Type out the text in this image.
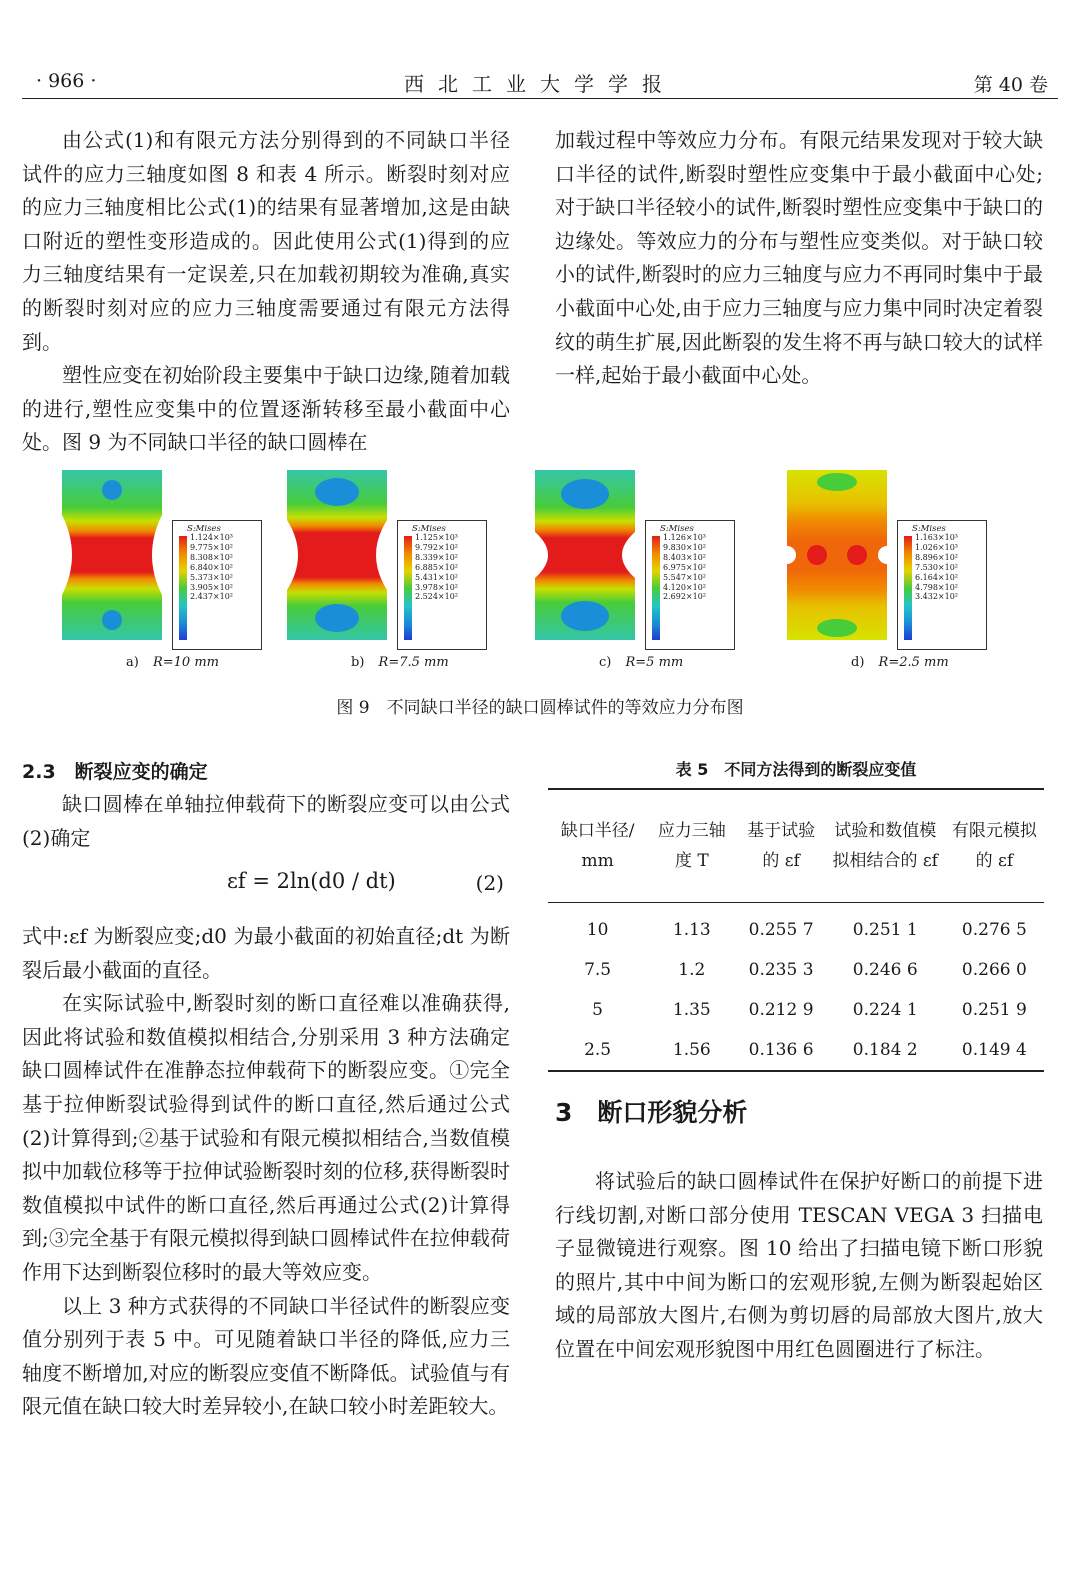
· 966 ·	西北工业大学学报	第 40 卷

由公式(1)和有限元方法分别得到的不同缺口半径试件的应力三轴度如图 8 和表 4 所示。断裂时刻对应的应力三轴度相比公式(1)的结果有显著增加,这是由缺口附近的塑性变形造成的。因此使用公式(1)得到的应力三轴度结果有一定误差,只在加载初期较为准确,真实的断裂时刻对应的应力三轴度需要通过有限元方法得到。

塑性应变在初始阶段主要集中于缺口边缘,随着加载的进行,塑性应变集中的位置逐渐转移至最小截面中心处。图 9 为不同缺口半径的缺口圆棒在

加载过程中等效应力分布。有限元结果发现对于较大缺口半径的试件,断裂时塑性应变集中于最小截面中心处;对于缺口半径较小的试件,断裂时塑性应变集中于缺口的边缘处。等效应力的分布与塑性应变类似。对于缺口较小的试件,断裂时的应力三轴度与应力不再同时集中于最小截面中心处,由于应力三轴度与应力集中同时决定着裂纹的萌生扩展,因此断裂的发生将不再与缺口较大的试样一样,起始于最小截面中心处。

S:Mises
1.124×10³
9.775×10²
8.308×10²
6.840×10²
5.373×10²
3.905×10²
2.437×10²
a) R=10 mm
S:Mises
1.125×10³
9.792×10²
8.339×10²
6.885×10²
5.431×10²
3.978×10²
2.524×10²
b) R=7.5 mm
S:Mises
1.126×10³
9.830×10²
8.403×10²
6.975×10²
5.547×10²
4.120×10²
2.692×10²
c) R=5 mm
S:Mises
1.163×10³
1.026×10³
8.896×10²
7.530×10²
6.164×10²
4.798×10²
3.432×10²
d) R=2.5 mm
图 9　不同缺口半径的缺口圆棒试件的等效应力分布图
2.3　断裂应变的确定

缺口圆棒在单轴拉伸载荷下的断裂应变可以由公式(2)确定

εf = 2ln(d0 / dt)	(2)

式中:εf 为断裂应变;d0 为最小截面的初始直径;dt 为断裂后最小截面的直径。

在实际试验中,断裂时刻的断口直径难以准确获得,因此将试验和数值模拟相结合,分别采用 3 种方法确定缺口圆棒试件在准静态拉伸载荷下的断裂应变。①完全基于拉伸断裂试验得到试件的断口直径,然后通过公式(2)计算得到;②基于试验和有限元模拟相结合,当数值模拟中加载位移等于拉伸试验断裂时刻的位移,获得断裂时数值模拟中试件的断口直径,然后再通过公式(2)计算得到;③完全基于有限元模拟得到缺口圆棒试件在拉伸载荷作用下达到断裂位移时的最大等效应变。

以上 3 种方式获得的不同缺口半径试件的断裂应变值分别列于表 5 中。可见随着缺口半径的降低,应力三轴度不断增加,对应的断裂应变值不断降低。试验值与有限元值在缺口较大时差异较小,在缺口较小时差距较大。

表 5　不同方法得到的断裂应变值
缺口半径/ mm	应力三轴度 T	基于试验的 εf	试验和数值模拟相结合的 εf	有限元模拟的 εf
10	1.13	0.255 7	0.251 1	0.276 5
7.5	1.2	0.235 3	0.246 6	0.266 0
5	1.35	0.212 9	0.224 1	0.251 9
2.5	1.56	0.136 6	0.184 2	0.149 4
3　断口形貌分析

将试验后的缺口圆棒试件在保护好断口的前提下进行线切割,对断口部分使用 TESCAN VEGA 3 扫描电子显微镜进行观察。图 10 给出了扫描电镜下断口形貌的照片,其中中间为断口的宏观形貌,左侧为断裂起始区域的局部放大图片,右侧为剪切唇的局部放大图片,放大位置在中间宏观形貌图中用红色圆圈进行了标注。
